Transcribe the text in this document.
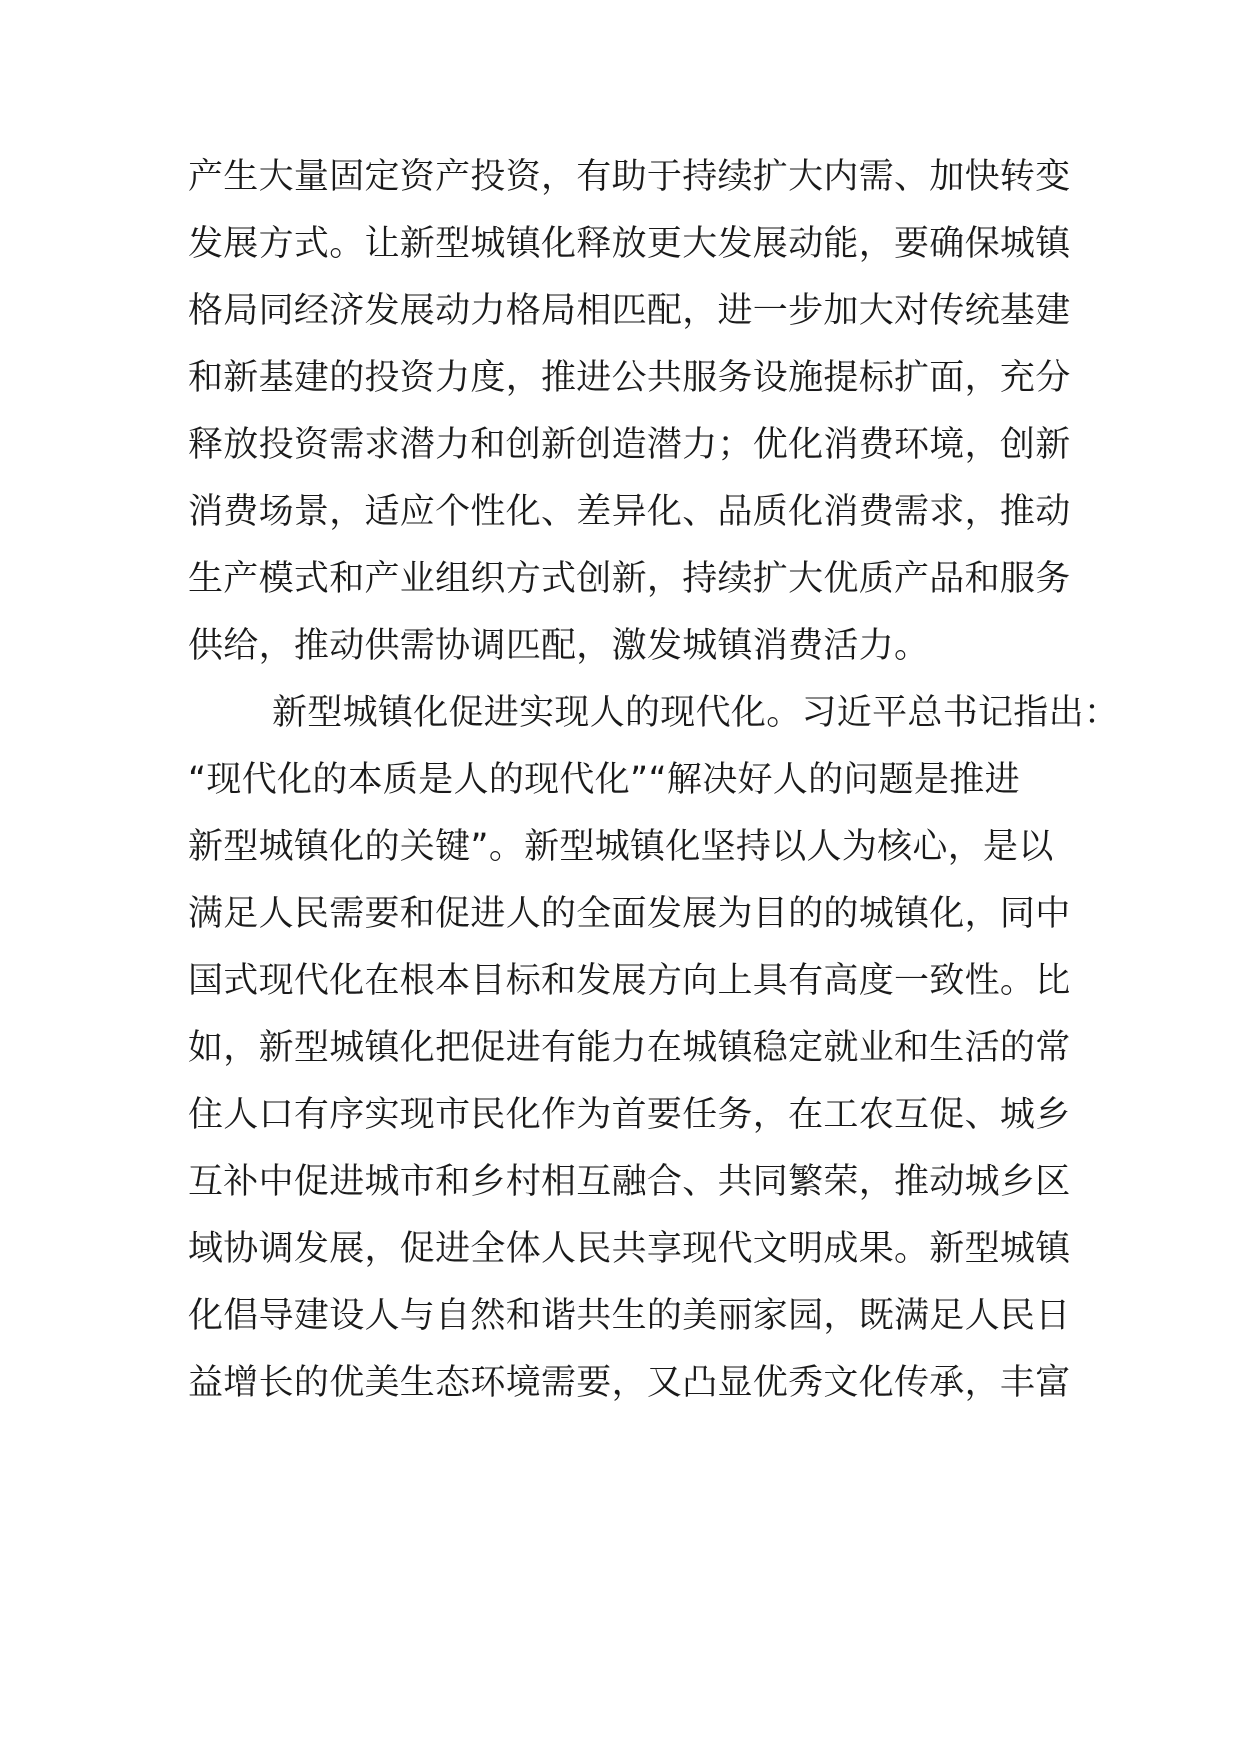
产生大量固定资产投资，有助于持续扩大内需、加快转变
发展方式。让新型城镇化释放更大发展动能，要确保城镇
格局同经济发展动力格局相匹配，进一步加大对传统基建
和新基建的投资力度，推进公共服务设施提标扩面，充分
释放投资需求潜力和创新创造潜力；优化消费环境，创新
消费场景，适应个性化、差异化、品质化消费需求，推动
生产模式和产业组织方式创新，持续扩大优质产品和服务
供给，推动供需协调匹配，激发城镇消费活力。
新型城镇化促进实现人的现代化。习近平总书记指出：
“现代化的本质是人的现代化”“解决好人的问题是推进
新型城镇化的关键”。新型城镇化坚持以人为核心，是以
满足人民需要和促进人的全面发展为目的的城镇化，同中
国式现代化在根本目标和发展方向上具有高度一致性。比
如，新型城镇化把促进有能力在城镇稳定就业和生活的常
住人口有序实现市民化作为首要任务，在工农互促、城乡
互补中促进城市和乡村相互融合、共同繁荣，推动城乡区
域协调发展，促进全体人民共享现代文明成果。新型城镇
化倡导建设人与自然和谐共生的美丽家园，既满足人民日
益增长的优美生态环境需要，又凸显优秀文化传承，丰富
